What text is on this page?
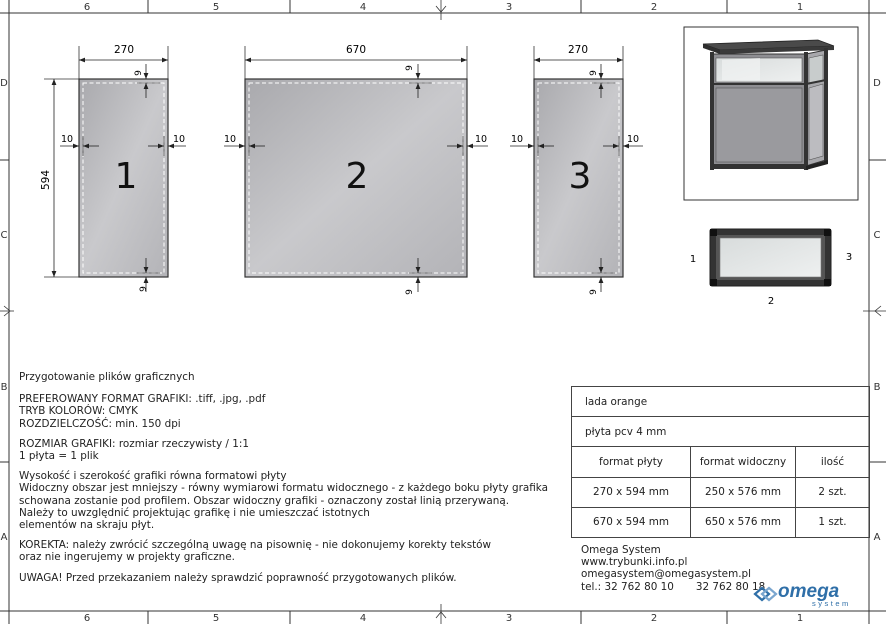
6	5	4	3	2	1
6	5	4	3	2	1
D
C
B
A
D
C
B
A
1
270
594
9
9
10	10
2
670
9
9
10	10
3
270
9
9
10	10
1
2
3

Przygotowanie plików graficznych

PREFEROWANY FORMAT GRAFIKI: .tiff, .jpg, .pdf
TRYB KOLORÓW: CMYK
ROZDZIELCZOŚĆ: min. 150 dpi

ROZMIAR GRAFIKI: rozmiar rzeczywisty / 1:1
1 płyta = 1 plik

Wysokość i szerokość grafiki równa formatowi płyty
Widoczny obszar jest mniejszy - równy wymiarowi formatu widocznego - z każdego boku płyty grafika
schowana zostanie pod profilem. Obszar widoczny grafiki - oznaczony został linią przerywaną.
Należy to uwzględnić projektując grafikę i nie umieszczać istotnych
elementów na skraju płyt.

KOREKTA: należy zwrócić szczególną uwagę na pisownię - nie dokonujemy korekty tekstów
oraz nie ingerujemy w projekty graficzne.

UWAGA! Przed przekazaniem należy sprawdzić poprawność przygotowanych plików.

lada orange		
płyta pcv 4 mm		
format płyty	format widoczny	ilość
270 x 594 mm	250 x 576 mm	2 szt.
670 x 594 mm	650 x 576 mm	1 szt.

Omega System

www.trybunki.info.pl

omegasystem@omegasystem.pl

tel.: 32 762 80 10 32 762 80 18 omega
system
